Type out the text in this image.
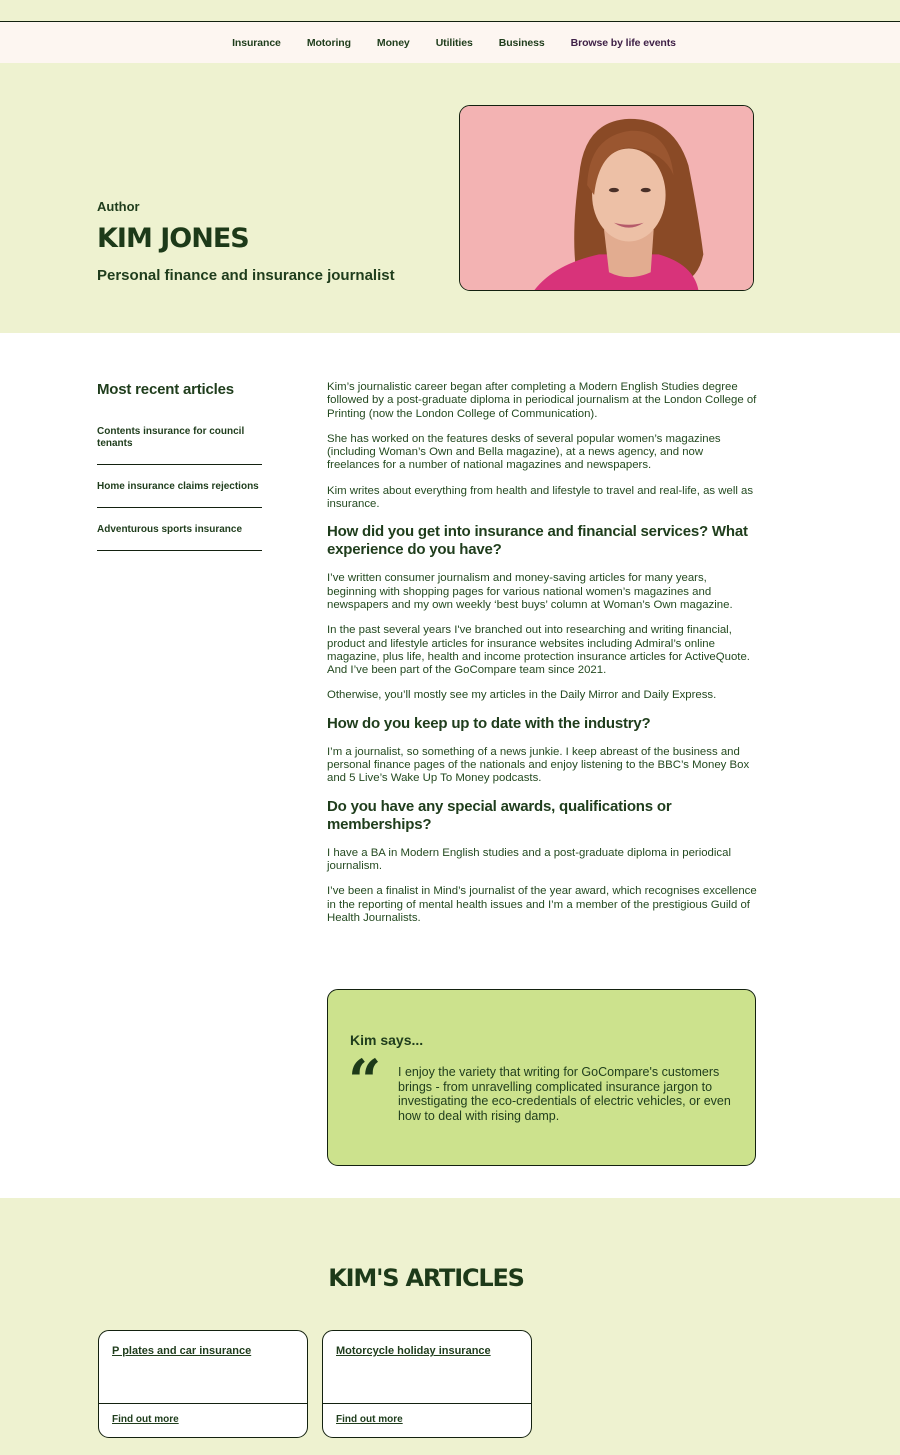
Insurance Motoring Money Utilities Business Browse by life events
Author
KIM JONES
Personal finance and insurance journalist
Most recent articles
Contents insurance for council tenants
Home insurance claims rejections
Adventurous sports insurance

Kim’s journalistic career began after completing a Modern English Studies degree followed by a post-graduate diploma in periodical journalism at the London College of Printing (now the London College of Communication).

She has worked on the features desks of several popular women’s magazines (including Woman’s Own and Bella magazine), at a news agency, and now freelances for a number of national magazines and newspapers.

Kim writes about everything from health and lifestyle to travel and real-life, as well as insurance.

How did you get into insurance and financial services? What experience do you have?

I’ve written consumer journalism and money-saving articles for many years, beginning with shopping pages for various national women’s magazines and newspapers and my own weekly ‘best buys’ column at Woman’s Own magazine.

In the past several years I've branched out into researching and writing financial, product and lifestyle articles for insurance websites including Admiral’s online magazine, plus life, health and income protection insurance articles for ActiveQuote. And I’ve been part of the GoCompare team since 2021.

Otherwise, you’ll mostly see my articles in the Daily Mirror and Daily Express.

How do you keep up to date with the industry?

I’m a journalist, so something of a news junkie. I keep abreast of the business and personal finance pages of the nationals and enjoy listening to the BBC’s Money Box and 5 Live’s Wake Up To Money podcasts.

Do you have any special awards, qualifications or memberships?

I have a BA in Modern English studies and a post-graduate diploma in periodical journalism.

I’ve been a finalist in Mind’s journalist of the year award, which recognises excellence in the reporting of mental health issues and I’m a member of the prestigious Guild of Health Journalists.

Kim says...
“ I enjoy the variety that writing for GoCompare's customers brings - from unravelling complicated insurance jargon to investigating the eco-credentials of electric vehicles, or even how to deal with rising damp.
KIM'S ARTICLES
P plates and car insurance
Find out more
Motorcycle holiday insurance
Find out more
